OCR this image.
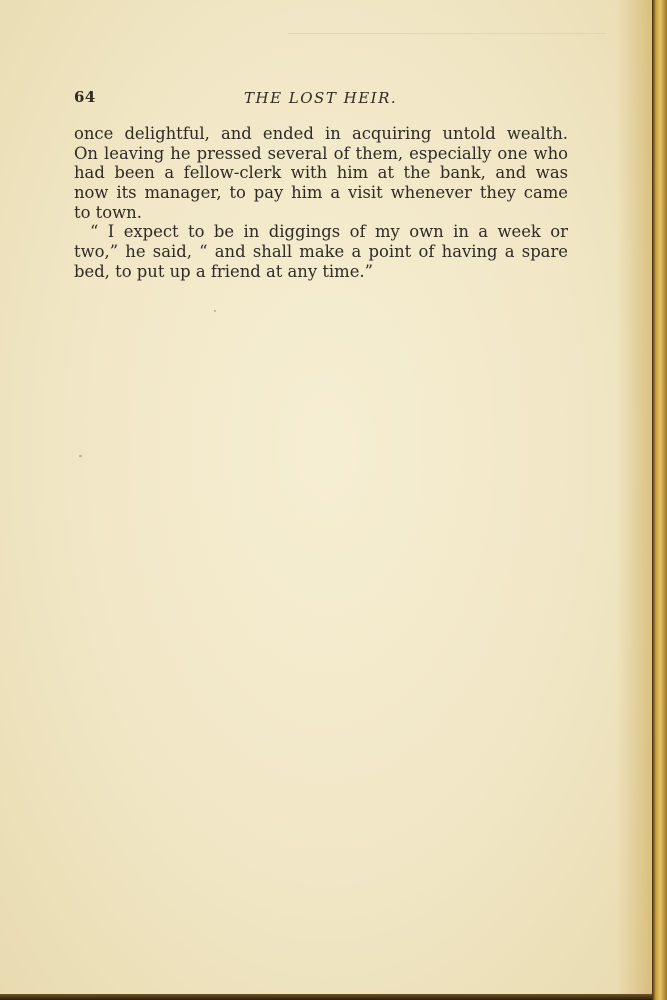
64	THE LOST HEIR.
once delightful, and ended in acquiring untold wealth.
On leaving he pressed several of them, especially one who
had been a fellow-clerk with him at the bank, and was
now its manager, to pay him a visit whenever they came
to town.
“ I expect to be in diggings of my own in a week or
two,” he said, “ and shall make a point of having a spare
bed, to put up a friend at any time.”
